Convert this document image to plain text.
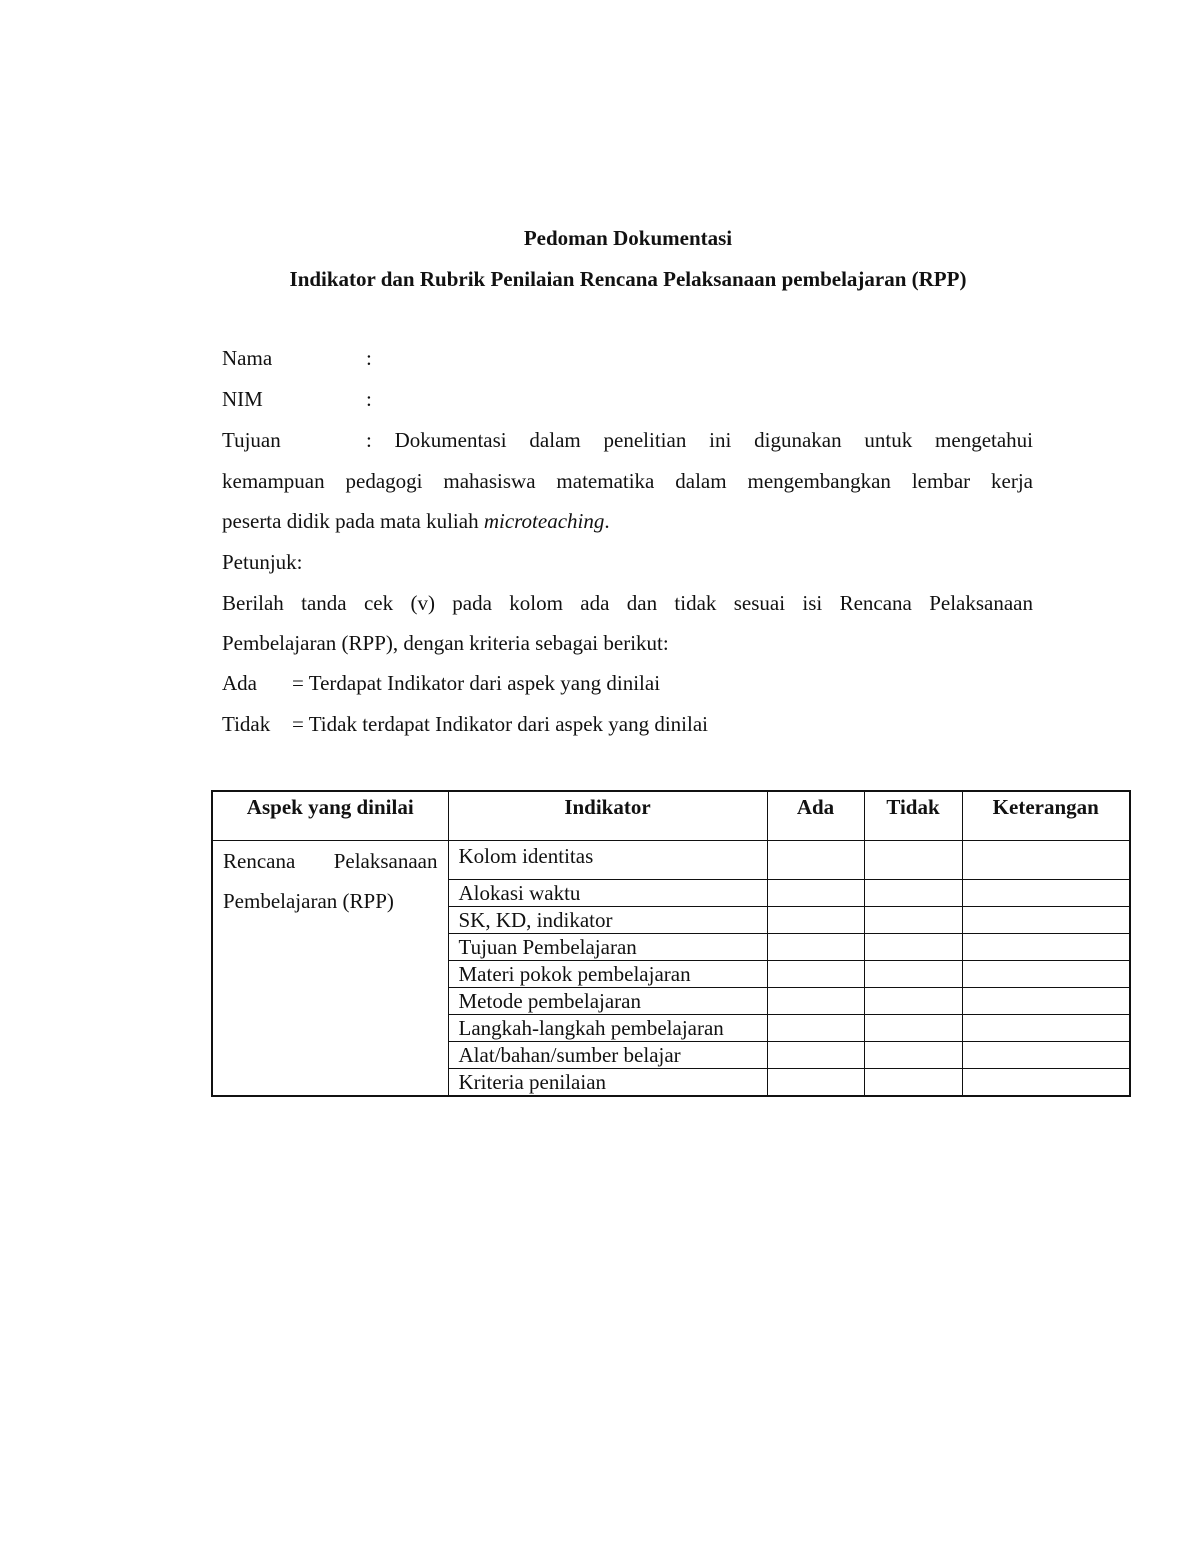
Pedoman Dokumentasi
Indikator dan Rubrik Penilaian Rencana Pelaksanaan pembelajaran (RPP)
Nama	:
NIM	:
Tujuan	: Dokumentasi dalam penelitian ini digunakan untuk mengetahui
kemampuan pedagogi mahasiswa matematika dalam mengembangkan lembar kerja
peserta didik pada mata kuliah microteaching.
Petunjuk:
Berilah tanda cek (v) pada kolom ada dan tidak sesuai isi Rencana Pelaksanaan
Pembelajaran (RPP), dengan kriteria sebagai berikut:
Ada = Terdapat Indikator dari aspek yang dinilai
Tidak = Tidak terdapat Indikator dari aspek yang dinilai
Aspek yang dinilai	Indikator	Ada	Tidak	Keterangan

Rencana Pelaksanaan
Pembelajaran (RPP)	Kolom identitas			
	Alokasi waktu			
	SK, KD, indikator			
	Tujuan Pembelajaran			
	Materi pokok pembelajaran			
	Metode pembelajaran			
	Langkah-langkah pembelajaran			
	Alat/bahan/sumber belajar			
	Kriteria penilaian			
